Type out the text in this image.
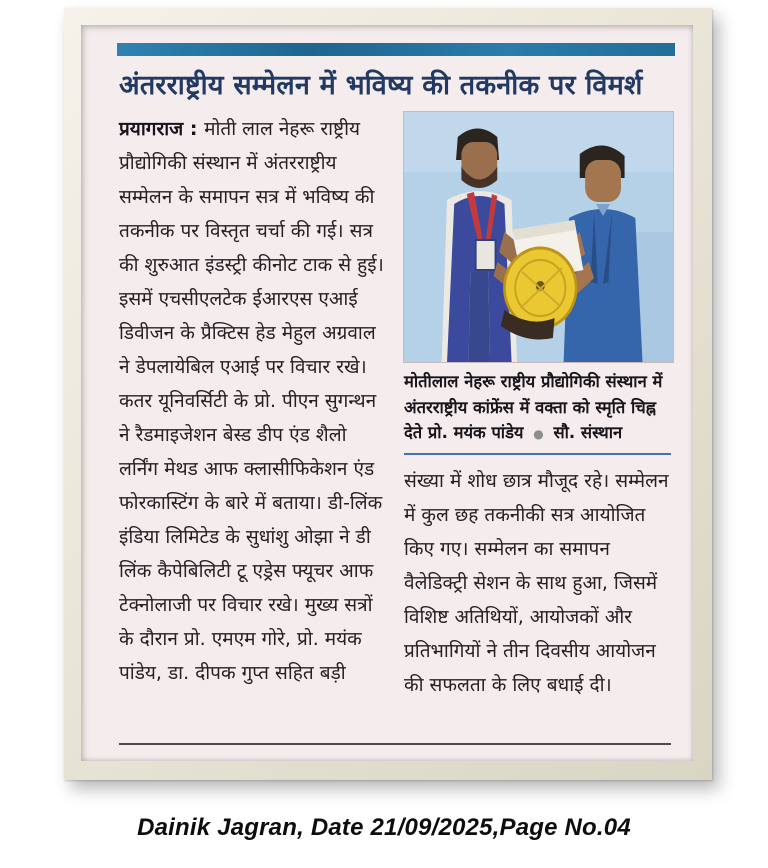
अंतरराष्ट्रीय सम्मेलन में भविष्य की तकनीक पर विमर्श

प्रयागराज : मोती लाल नेहरू राष्ट्रीय प्रौद्योगिकी संस्थान में अंतरराष्ट्रीय सम्मेलन के समापन सत्र में भविष्य की तकनीक पर विस्तृत चर्चा की गई। सत्र की शुरुआत इंडस्ट्री कीनोट टाक से हुई। इसमें एचसीएलटेक ईआरएस एआई डिवीजन के प्रैक्टिस हेड मेहुल अग्रवाल ने डेपलायेबिल एआई पर विचार रखे। कतर यूनिवर्सिटी के प्रो. पीएन सुगन्थन ने रैडमाइजेशन बेस्ड डीप एंड शैलो लर्निंग मेथड आफ क्लासीफिकेशन एंड फोरकास्टिंग के बारे में बताया। डी-लिंक इंडिया लिमिटेड के सुधांशु ओझा ने डी लिंक कैपेबिलिटी टू एड्रेस फ्यूचर आफ टेक्नोलाजी पर विचार रखे। मुख्य सत्रों के दौरान प्रो. एमएम गोरे, प्रो. मयंक पांडेय, डा. दीपक गुप्त सहित बड़ी

मोतीलाल नेहरू राष्ट्रीय प्रौद्योगिकी संस्थान में अंतरराष्ट्रीय कांफ्रेंस में वक्ता को स्मृति चिह्न देते प्रो. मयंक पांडेय ● सौ. संस्थान

संख्या में शोध छात्र मौजूद रहे। सम्मेलन में कुल छह तकनीकी सत्र आयोजित किए गए। सम्मेलन का समापन वैलेडिक्ट्री सेशन के साथ हुआ, जिसमें विशिष्ट अतिथियों, आयोजकों और प्रतिभागियों ने तीन दिवसीय आयोजन की सफलता के लिए बधाई दी।

Dainik Jagran, Date 21/09/2025,Page No.04
